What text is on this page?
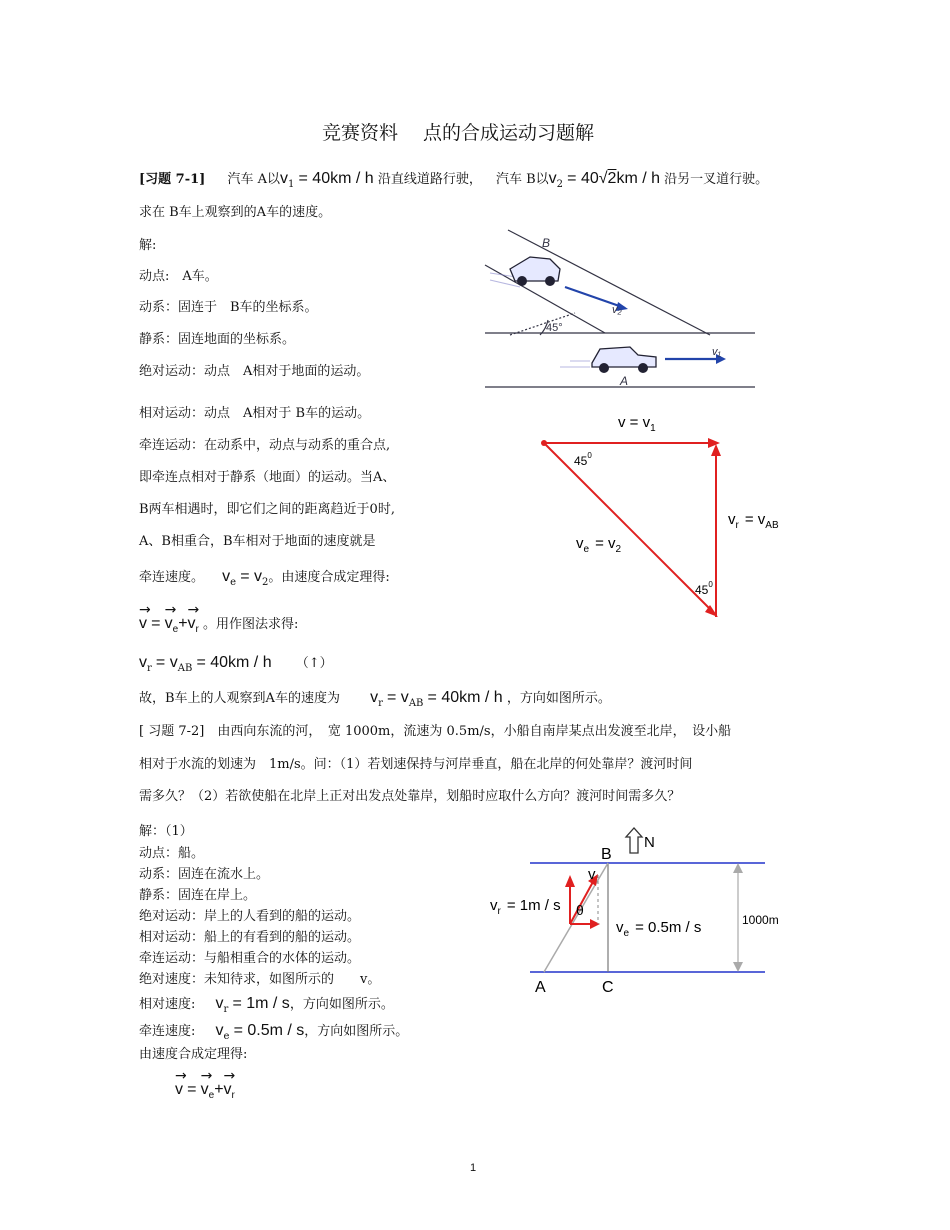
竞赛资料　 点的合成运动习题解
[习题 7-1] 汽车 A以$v_1 = 40km / h$ 沿直线道路行驶， 汽车 B以$v_2 = 40√2km / h$ 沿另一叉道行驶。
求在 B车上观察到的A车的速度。
解:
动点:　A车。
动系：固连于　B车的坐标系。
静系：固连地面的坐标系。
绝对运动：动点　A相对于地面的运动。
相对运动：动点　A相对于 B车的运动。
牵连运动：在动系中，动点与动系的重合点,
即牵连点相对于静系（地面）的运动。当A、
B两车相遇时，即它们之间的距离趋近于0时,
A、B相重合，B车相对于地面的速度就是
牵连速度。 $v_e = v_2$。由速度合成定理得:
→
v =
→
$v_e+$
→
$v_r$ 。用作图法求得:
$v_r = v_{AB} = 40km / h$ （↑）
故，B车上的人观察到A车的速度为 $v_r = v_{AB} = 40km / h$ ，方向如图所示。
B
A
v₂
v₁
45°
$v = v_1$
$45^0$
$45^0$
$v_r = v_{AB}$
$v_e = v_2$
[ 习题 7-2]　由西向东流的河，　宽 1000m，流速为 0.5m/s，小船自南岸某点出发渡至北岸，　设小船
相对于水流的划速为　1m/s。问：（1）若划速保持与河岸垂直，船在北岸的何处靠岸？渡河时间
需多久？（2）若欲使船在北岸上正对出发点处靠岸，划船时应取什么方向？渡河时间需多久？
解：（1）
动点：船。
动系：固连在流水上。
静系：固连在岸上。
绝对运动：岸上的人看到的船的运动。
相对运动：船上的有看到的船的运动。
牵连运动：与船相重合的水体的运动。
绝对速度：未知待求，如图所示的　　v。
相对速度: $v_r = 1m / s$，方向如图所示。
牵连速度: $v_e = 0.5m / s$，方向如图所示。
由速度合成定理得:
→
v =
→
$v_e+$
→
$v_r$
N
B
A	C
v
θ
$v_r = 1m / s$
$v_e = 0.5m / s$	1000m
1
